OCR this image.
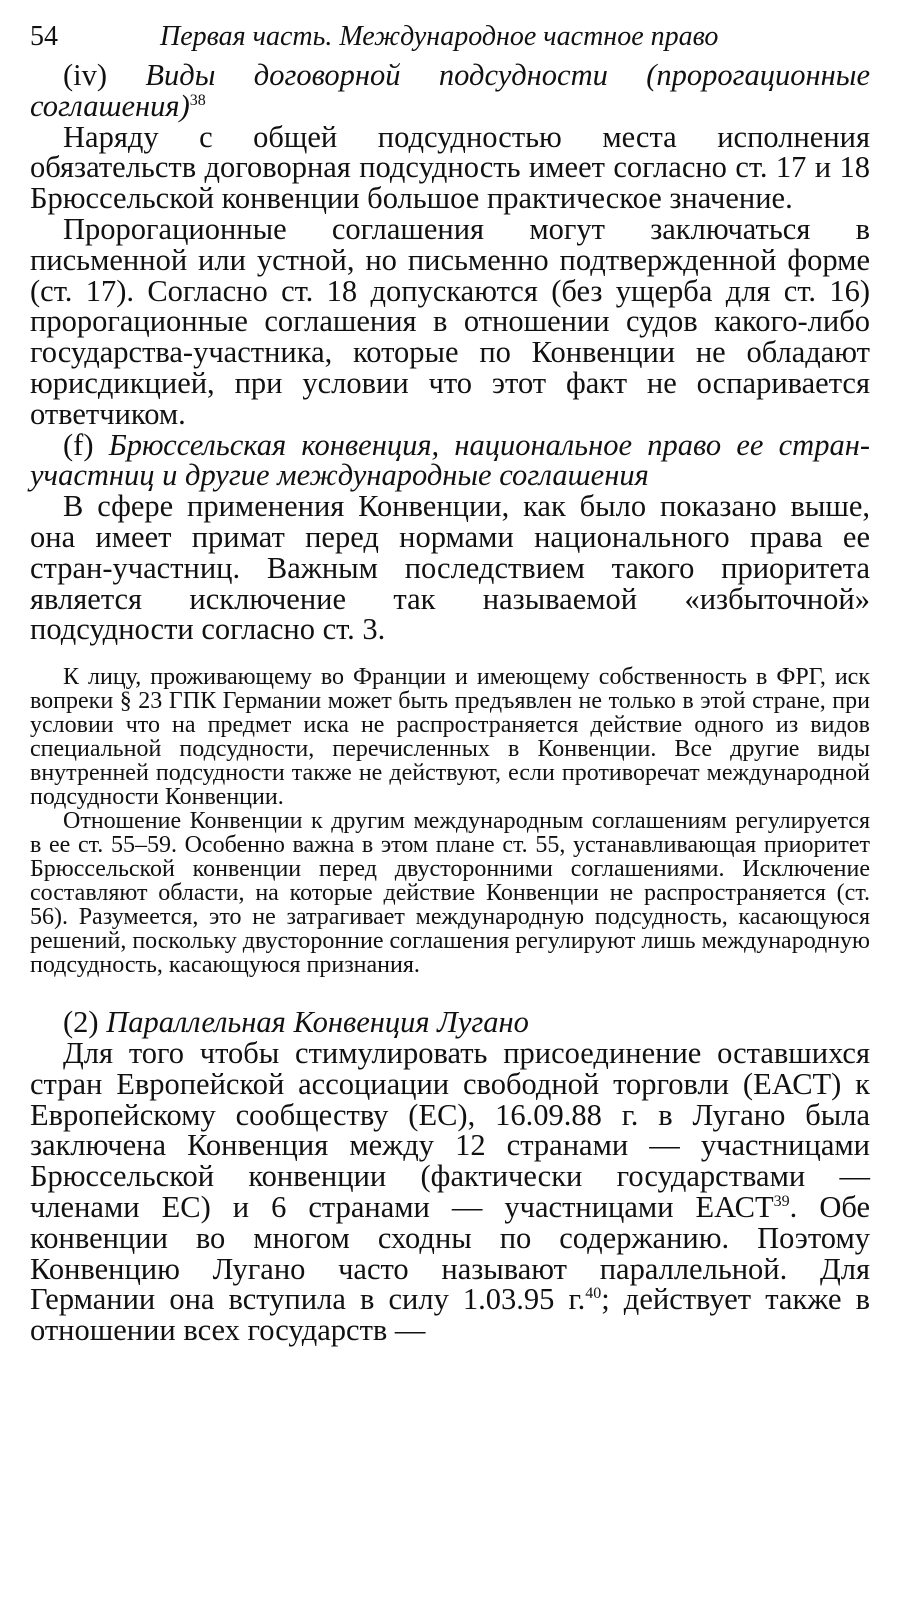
54	Первая часть. Международное частное право

(iv) Виды договорной подсудности (пророгационные соглашения)$^{38}$

Наряду с общей подсудностью места исполнения обязательств договорная подсудность имеет согласно ст. 17 и 18 Брюссельской конвенции большое практическое значение.

Пророгационные соглашения могут заключаться в письменной или устной, но письменно подтвержденной форме (ст. 17). Согласно ст. 18 допускаются (без ущерба для ст. 16) пророгационные соглашения в отношении судов какого-либо государства-участника, которые по Конвенции не обладают юрисдикцией, при условии что этот факт не оспаривается ответчиком.

(f) Брюссельская конвенция, национальное право ее стран-участниц и другие международные соглашения

В сфере применения Конвенции, как было показано выше, она имеет примат перед нормами национального права ее стран-участниц. Важным последствием такого приоритета является исключение так называемой «избыточной» подсудности согласно ст. 3.

К лицу, проживающему во Франции и имеющему собственность в ФРГ, иск вопреки § 23 ГПК Германии может быть предъявлен не только в этой стране, при условии что на предмет иска не распространяется действие одного из видов специальной подсудности, перечисленных в Конвенции. Все другие виды внутренней подсудности также не действуют, если противоречат международной подсудности Конвенции.

Отношение Конвенции к другим международным соглашениям регулируется в ее ст. 55–59. Особенно важна в этом плане ст. 55, устанавливающая приоритет Брюссельской конвенции перед двусторонними соглашениями. Исключение составляют области, на которые действие Конвенции не распространяется (ст. 56). Разумеется, это не затрагивает международную подсудность, касающуюся решений, поскольку двусторонние соглашения регулируют лишь международную подсудность, касающуюся признания.

(2) Параллельная Конвенция Лугано

Для того чтобы стимулировать присоединение оставшихся стран Европейской ассоциации свободной торговли (ЕАСТ) к Европейскому сообществу (ЕС), 16.09.88 г. в Лугано была заключена Конвенция между 12 странами — участницами Брюссельской конвенции (фактически государствами — членами ЕС) и 6 странами — участницами ЕАСТ$^{39}$. Обе конвенции во многом сходны по содержанию. Поэтому Конвенцию Лугано часто называют параллельной. Для Германии она вступила в силу 1.03.95 г.$^{40}$; действует также в отношении всех государств —
